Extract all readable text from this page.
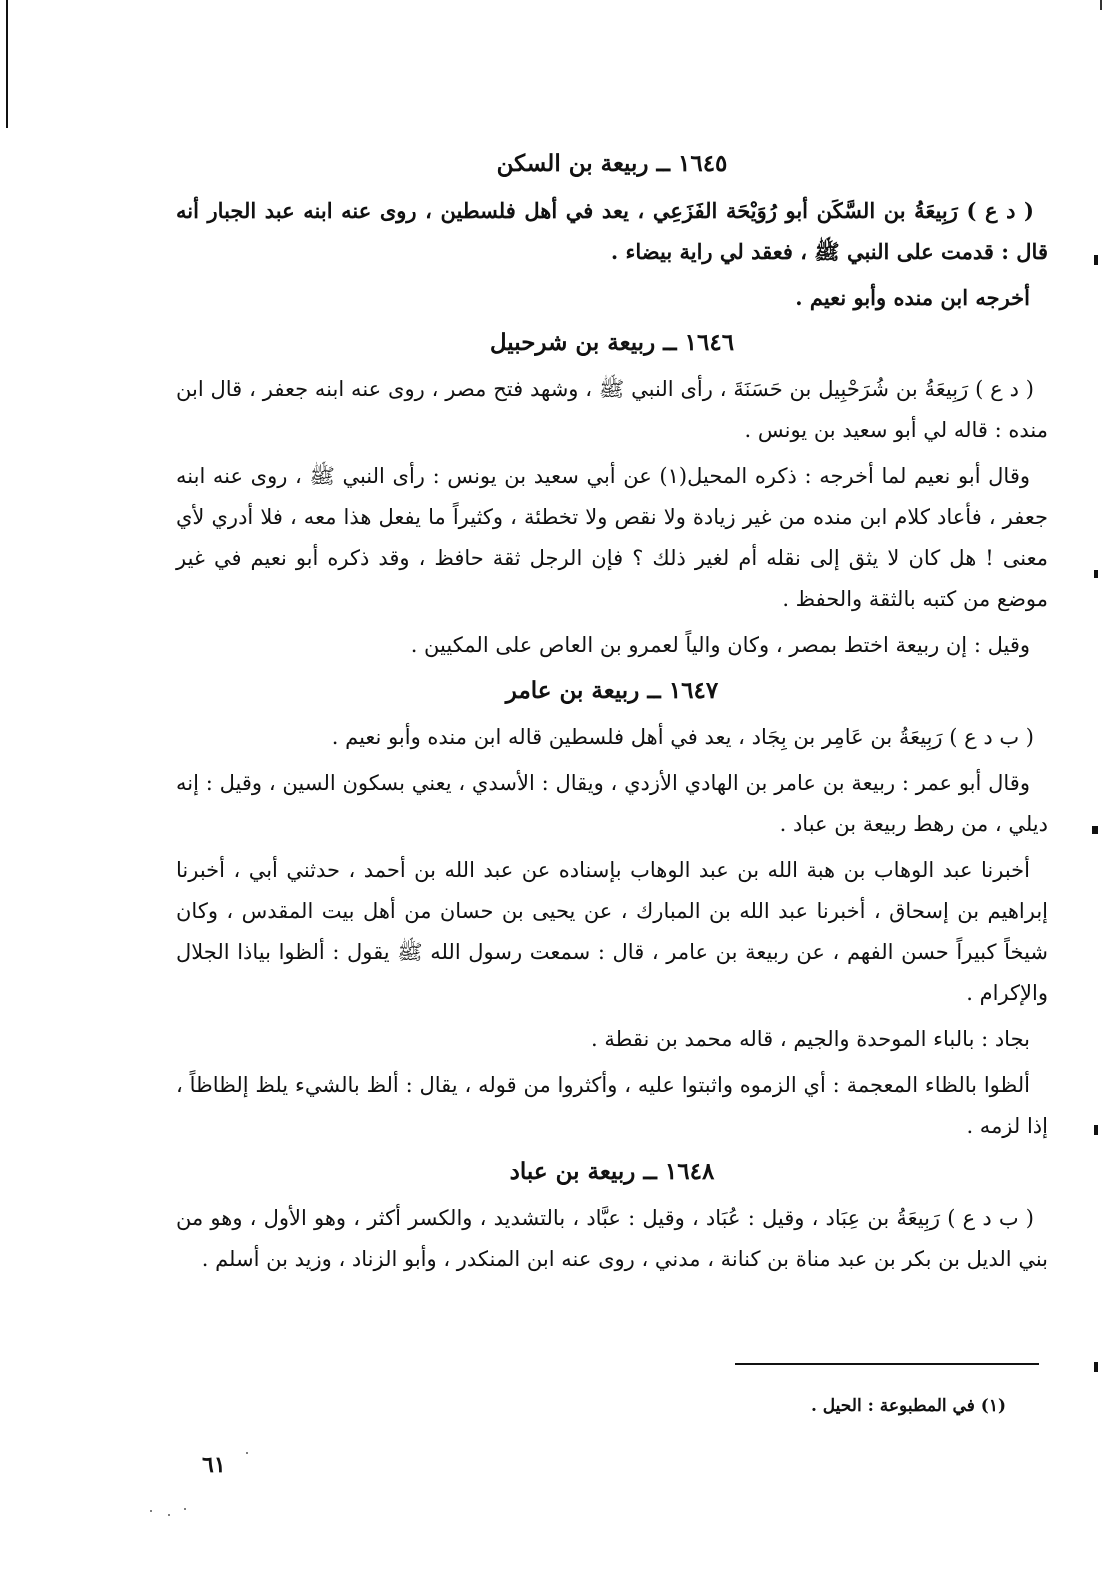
١٦٤٥ ــ ربيعة بن السكن

( د ع ) رَبِيعَةُ بن السَّكَن أبو رُوَيْحَة الفَزَعِي ، يعد في أهل فلسطين ، روى عنه ابنه عبد الجبار أنه قال : قدمت على النبي ﷺ ، فعقد لي راية بيضاء .

أخرجه ابن منده وأبو نعيم .

١٦٤٦ ــ ربيعة بن شرحبيل

( د ع ) رَبِيعَةُ بن شُرَحْبِيل بن حَسَنَةَ ، رأى النبي ﷺ ، وشهد فتح مصر ، روى عنه ابنه جعفر ، قال ابن منده : قاله لي أبو سعيد بن يونس .

وقال أبو نعيم لما أخرجه : ذكره المحيل(١) عن أبي سعيد بن يونس : رأى النبي ﷺ ، روى عنه ابنه جعفر ، فأعاد كلام ابن منده من غير زيادة ولا نقص ولا تخطئة ، وكثيراً ما يفعل هذا معه ، فلا أدري لأي معنى ! هل كان لا يثق إلى نقله أم لغير ذلك ؟ فإن الرجل ثقة حافظ ، وقد ذكره أبو نعيم في غير موضع من كتبه بالثقة والحفظ .

وقيل : إن ربيعة اختط بمصر ، وكان والياً لعمرو بن العاص على المكيين .

١٦٤٧ ــ ربيعة بن عامر

( ب د ع ) رَبِيعَةُ بن عَامِر بن بِجَاد ، يعد في أهل فلسطين قاله ابن منده وأبو نعيم .

وقال أبو عمر : ربيعة بن عامر بن الهادي الأزدي ، ويقال : الأسدي ، يعني بسكون السين ، وقيل : إنه ديلي ، من رهط ربيعة بن عباد .

أخبرنا عبد الوهاب بن هبة الله بن عبد الوهاب بإسناده عن عبد الله بن أحمد ، حدثني أبي ، أخبرنا إبراهيم بن إسحاق ، أخبرنا عبد الله بن المبارك ، عن يحيى بن حسان من أهل بيت المقدس ، وكان شيخاً كبيراً حسن الفهم ، عن ربيعة بن عامر ، قال : سمعت رسول الله ﷺ يقول : ألظوا بياذا الجلال والإكرام .

بجاد : بالباء الموحدة والجيم ، قاله محمد بن نقطة .

ألظوا بالظاء المعجمة : أي الزموه واثبتوا عليه ، وأكثروا من قوله ، يقال : ألظ بالشيء يلظ إلظاظاً ، إذا لزمه .

١٦٤٨ ــ ربيعة بن عباد

( ب د ع ) رَبِيعَةُ بن عِبَاد ، وقيل : عُبَاد ، وقيل : عبَّاد ، بالتشديد ، والكسر أكثر ، وهو الأول ، وهو من بني الديل بن بكر بن عبد مناة بن كنانة ، مدني ، روى عنه ابن المنكدر ، وأبو الزناد ، وزيد بن أسلم .

(١) في المطبوعة : الحيل .
٦١
